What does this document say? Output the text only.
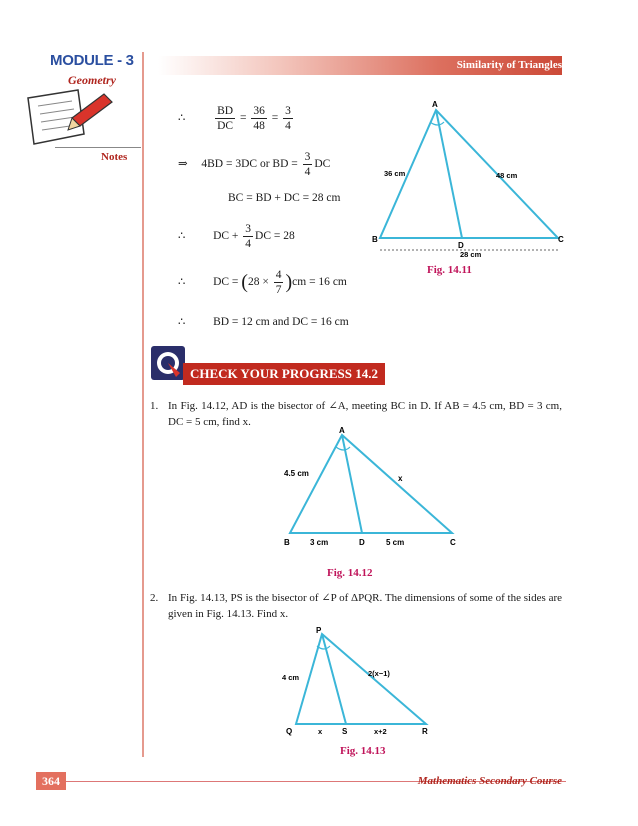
MODULE - 3
Geometry
Similarity of Triangles
Notes
∴	$\frac{BD}{DC} = \frac{36}{48} = \frac{3}{4}$
⇒ 4BD = 3DC or BD = $\frac{3}{4}$ DC
BC = BD + DC = 28 cm
∴ DC + $\frac{3}{4}$ DC = 28
∴ DC = $(28 \times \frac{4}{7} )cm = 16$ cm
∴ BD = 12 cm and DC = 16 cm
A
B	C
D
36 cm	48 cm
28 cm
Fig. 14.11
CHECK YOUR PROGRESS 14.2
1. In Fig. 14.12, AD is the bisector of ∠A, meeting BC in D. If AB = 4.5 cm, BD = 3 cm, DC = 5 cm, find x.
A
B	C
D
4.5 cm
x
3 cm	5 cm
Fig. 14.12
2. In Fig. 14.13, PS is the bisector of ∠P of ΔPQR. The dimensions of some of the sides are given in Fig. 14.13. Find x.
P
Q	R
S
4 cm	2(x−1)
x	x+2
Fig. 14.13
364	Mathematics Secondary Course
